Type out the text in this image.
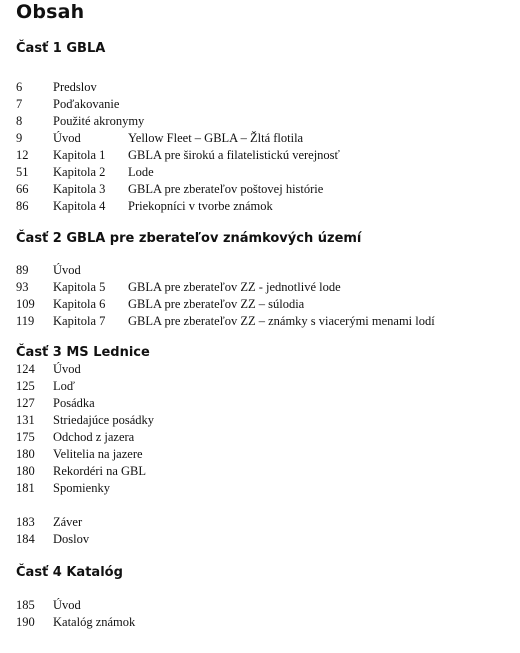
Obsah
Časť 1 GBLA
6 Predslov
7 Poďakovanie
8 Použité akronymy
9 Úvod	Yellow Fleet – GBLA – Žltá flotila
12 Kapitola 1 GBLA pre širokú a filatelistickú verejnosť
51 Kapitola 2 Lode
66 Kapitola 3 GBLA pre zberateľov poštovej histórie
86 Kapitola 4 Priekopníci v tvorbe známok
Časť 2 GBLA pre zberateľov známkových území
89 Úvod
93 Kapitola 5 GBLA pre zberateľov ZZ - jednotlivé lode
109 Kapitola 6 GBLA pre zberateľov ZZ – súlodia
119 Kapitola 7 GBLA pre zberateľov ZZ – známky s viacerými menami lodí
Časť 3 MS Lednice
124 Úvod
125 Loď
127 Posádka
131 Striedajúce posádky
175 Odchod z jazera
180 Velitelia na jazere
180 Rekordéri na GBL
181 Spomienky
183 Záver
184 Doslov
Časť 4 Katalóg
185 Úvod
190 Katalóg známok
